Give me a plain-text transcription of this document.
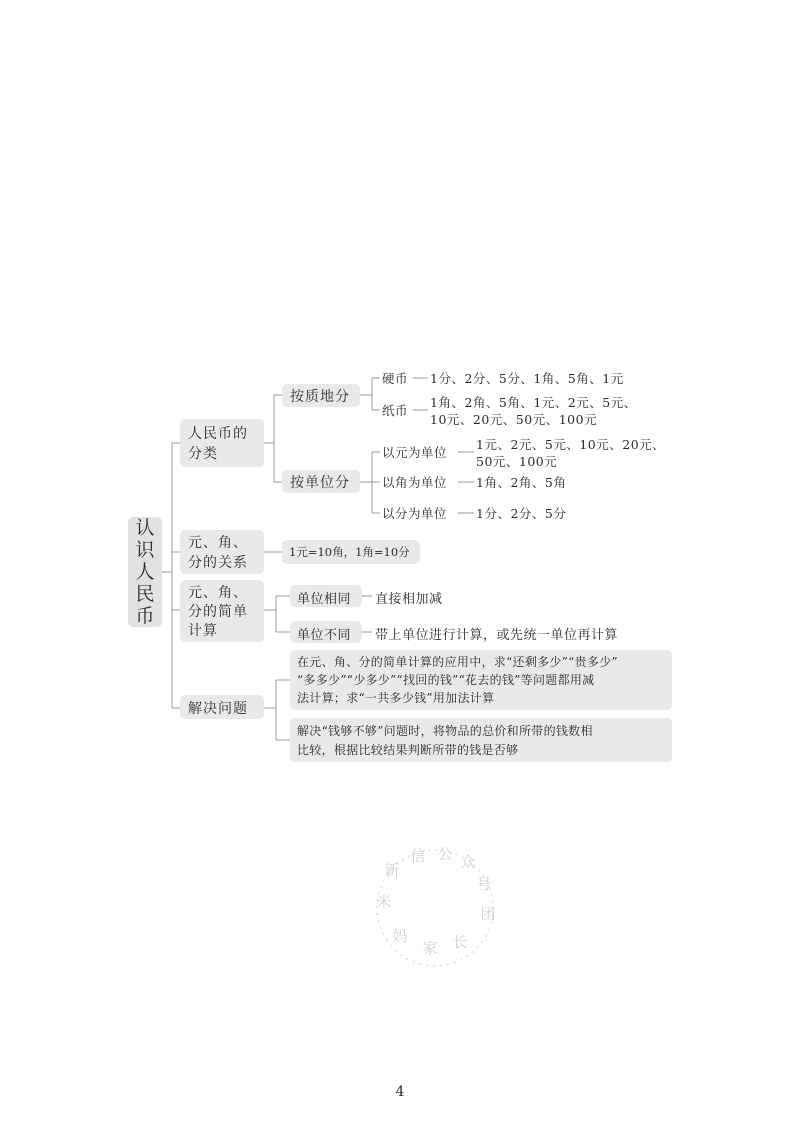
认
识
人
民
币
人民币的
分类
按质地分
硬币 1分、2分、5分、1角、5角、1元
纸币
1角、2角、5角、1元、2元、5元、
10元、20元、50元、100元
按单位分
以元为单位
1元、2元、5元、10元、20元、
50元、100元
以角为单位 1角、2角、5角
以分为单位 1分、2分、5分
元、角、
分的关系
1元=10角，1角=10分
元、角、
分的简单
计算
单位相同 直接相加减
单位不同 带上单位进行计算，或先统一单位再计算
解决问题
在元、角、分的简单计算的应用中，求“还剩多少”“贵多少”
“多多少”“少多少”“找回的钱”“花去的钱”等问题都用减
法计算；求“一共多少钱”用加法计算
解决“钱够不够”问题时，将物品的总价和所带的钱数相
比较，根据比较结果判断所带的钱是否够
新
信 公 众
号
米
团
妈
家 长
4
